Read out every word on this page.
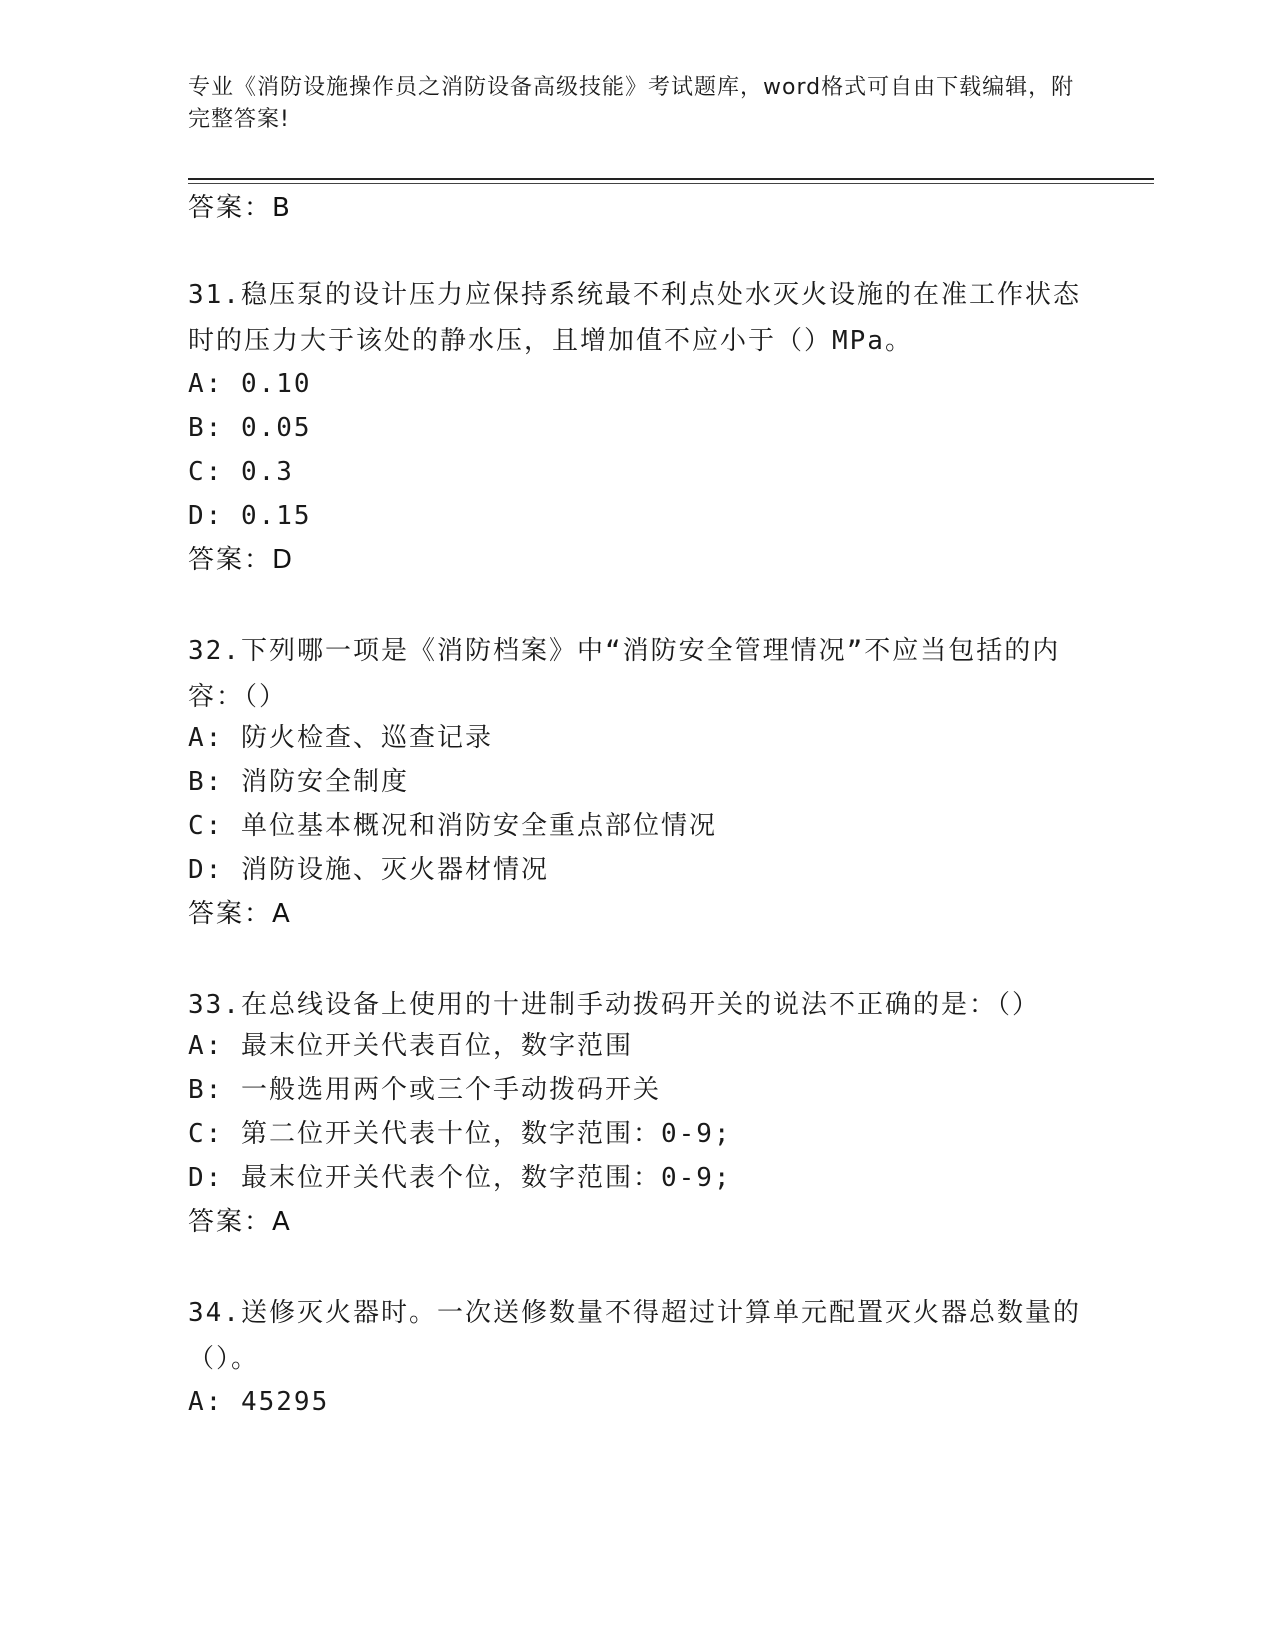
专业《消防设施操作员之消防设备高级技能》考试题库，word格式可自由下载编辑，附完整答案!
答案：B
31.稳压泵的设计压力应保持系统最不利点处水灭火设施的在准工作状态时的压力大于该处的静水压，且增加值不应小于（）MPa。
A: 0.10
B: 0.05
C: 0.3
D: 0.15
答案：D
32.下列哪一项是《消防档案》中“消防安全管理情况”不应当包括的内容：（）
A: 防火检查、巡查记录
B: 消防安全制度
C: 单位基本概况和消防安全重点部位情况
D: 消防设施、灭火器材情况
答案：A
33.在总线设备上使用的十进制手动拨码开关的说法不正确的是：（）
A: 最末位开关代表百位，数字范围
B: 一般选用两个或三个手动拨码开关
C: 第二位开关代表十位，数字范围：0-9;
D: 最末位开关代表个位，数字范围：0-9;
答案：A
34.送修灭火器时。一次送修数量不得超过计算单元配置灭火器总数量的（）。
A: 45295
